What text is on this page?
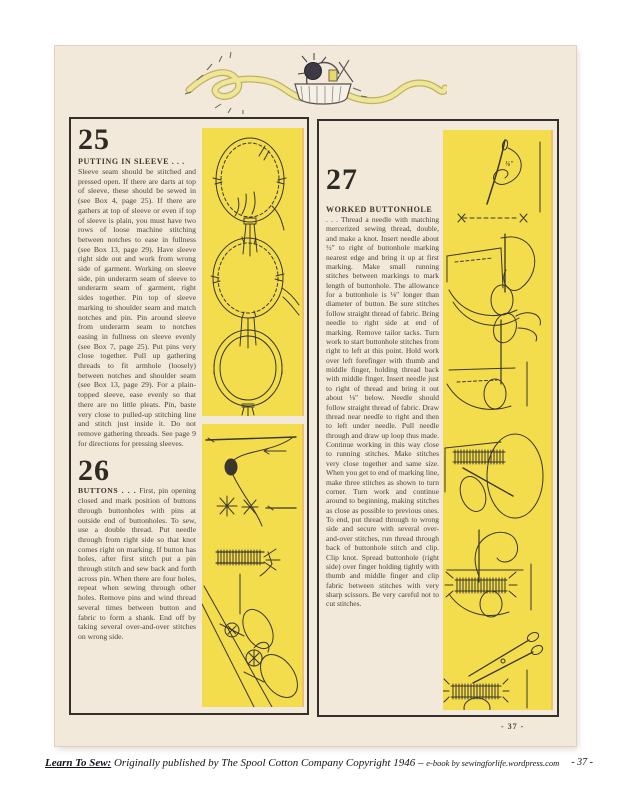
25
PUTTING IN SLEEVE . . .
Sleeve seam should be stitched and pressed open. If there are darts at top of sleeve, these should be sewed in (see Box 4, page 25). If there are gathers at top of sleeve or even if top of sleeve is plain, you must have two rows of loose machine stitching between notches to ease in fullness (see Box 13, page 29). Have sleeve right side out and work from wrong side of garment. Working on sleeve side, pin underarm seam of sleeve to underarm seam of garment, right sides together. Pin top of sleeve marking to shoulder seam and match notches and pin. Pin around sleeve from underarm seam to notches easing in fullness on sleeve evenly (see Box 7, page 25). Put pins very close together. Pull up gathering threads to fit armhole (loosely) between notches and shoulder seam (see Box 13, page 29). For a plain-topped sleeve, ease evenly so that there are no little pleats. Pin, baste very close to pulled-up stitching line and stitch just inside it. Do not remove gathering threads. See page 9 for directions for pressing sleeves.
26
BUTTONS . . . First, pin opening closed and mark position of buttons through buttonholes with pins at outside end of buttonholes. To sew, use a double thread. Put needle through from right side so that knot comes right on marking. If button has holes, after first stitch put a pin through stitch and sew back and forth across pin. When there are four holes, repeat when sewing through other holes. Remove pins and wind thread several times between button and fabric to form a shank. End off by taking several over-and-over stitches on wrong side.
27
WORKED BUTTONHOLE
. . . Thread a needle with matching mercerized sewing thread, double, and make a knot. Insert needle about ½″ to right of buttonhole marking nearest edge and bring it up at first marking. Make small running stitches between markings to mark length of buttonhole. The allowance for a buttonhole is ⅛″ longer than diameter of button. Be sure stitches follow straight thread of fabric. Bring needle to right side at end of marking. Remove tailor tacks. Turn work to start buttonhole stitches from right to left at this point. Hold work over left forefinger with thumb and middle finger, holding thread back with middle finger. Insert needle just to right of thread and bring it out about ⅛″ below. Needle should follow straight thread of fabric. Draw thread near needle to right and then to left under needle. Pull needle through and draw up loop thus made. Continue working in this way close to running stitches. Make stitches very close together and same size. When you get to end of marking line, make three stitches as shown to turn corner. Turn work and continue around to beginning, making stitches as close as possible to previous ones. To end, put thread through to wrong side and secure with several over-and-over stitches, run thread through back of buttonhole stitch and clip. Clip knot. Spread buttonhole (right side) over finger holding tightly with thumb and middle finger and clip fabric between stitches with very sharp scissors. Be very careful not to cut stitches.
⅛″
- 37 -
Learn To Sew: Originally published by The Spool Cotton Company Copyright 1946 – e-book by sewingforlife.wordpress.com - 37 -
